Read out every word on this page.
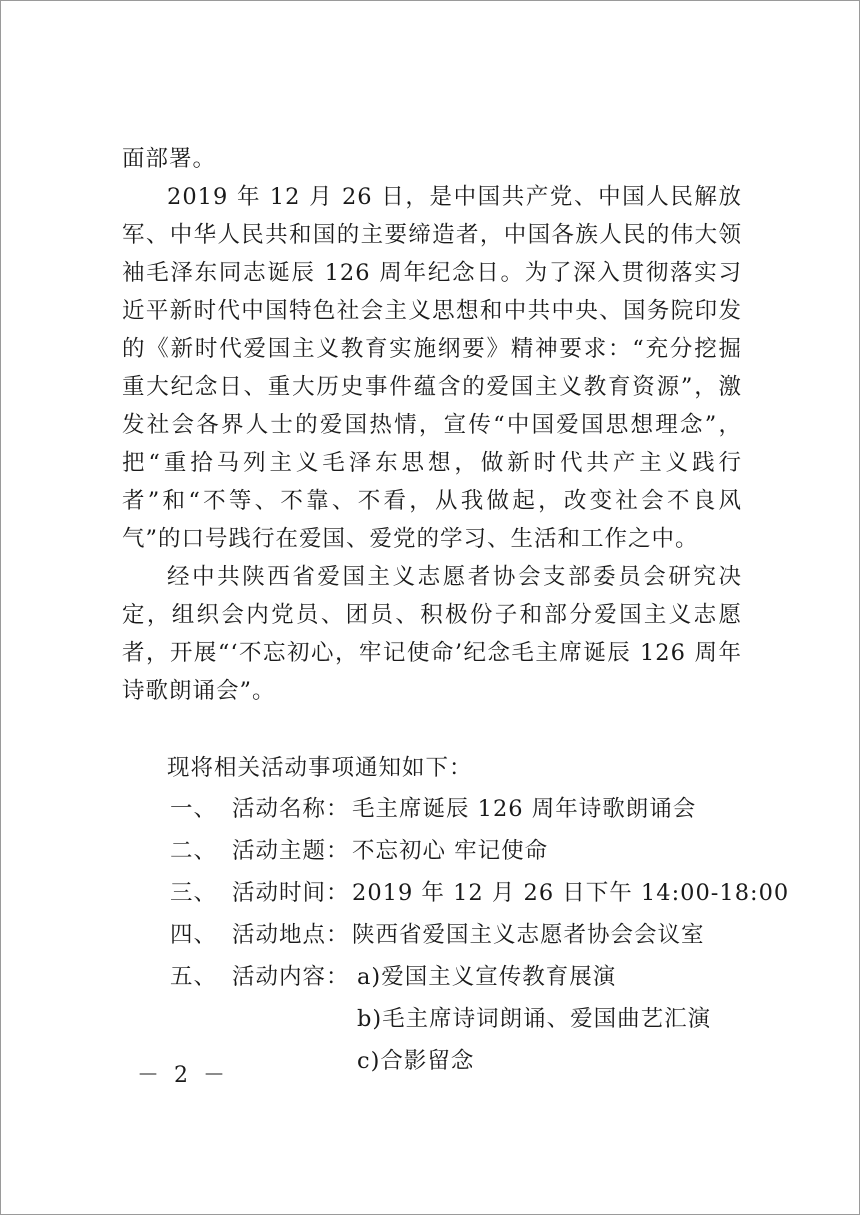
面部署。

2019 年 12 月 26 日，是中国共产党、中国人民解放军、中华人民共和国的主要缔造者，中国各族人民的伟大领袖毛泽东同志诞辰 126 周年纪念日。为了深入贯彻落实习近平新时代中国特色社会主义思想和中共中央、国务院印发的《新时代爱国主义教育实施纲要》精神要求：“充分挖掘重大纪念日、重大历史事件蕴含的爱国主义教育资源”，激发社会各界人士的爱国热情，宣传“中国爱国思想理念”，把“重拾马列主义毛泽东思想，做新时代共产主义践行者”和“不等、不靠、不看，从我做起，改变社会不良风气”的口号践行在爱国、爱党的学习、生活和工作之中。

经中共陕西省爱国主义志愿者协会支部委员会研究决定，组织会内党员、团员、积极份子和部分爱国主义志愿者，开展“‘不忘初心，牢记使命’纪念毛主席诞辰 126 周年诗歌朗诵会”。

现将相关活动事项通知如下：

一、 活动名称： 毛主席诞辰 126 周年诗歌朗诵会
二、 活动主题： 不忘初心 牢记使命
三、 活动时间： 2019 年 12 月 26 日下午 14:00-18:00
四、 活动地点： 陕西省爱国主义志愿者协会会议室
五、 活动内容： a)爱国主义宣传教育展演
b)毛主席诗词朗诵、爱国曲艺汇演
c)合影留念
－ 2 －
